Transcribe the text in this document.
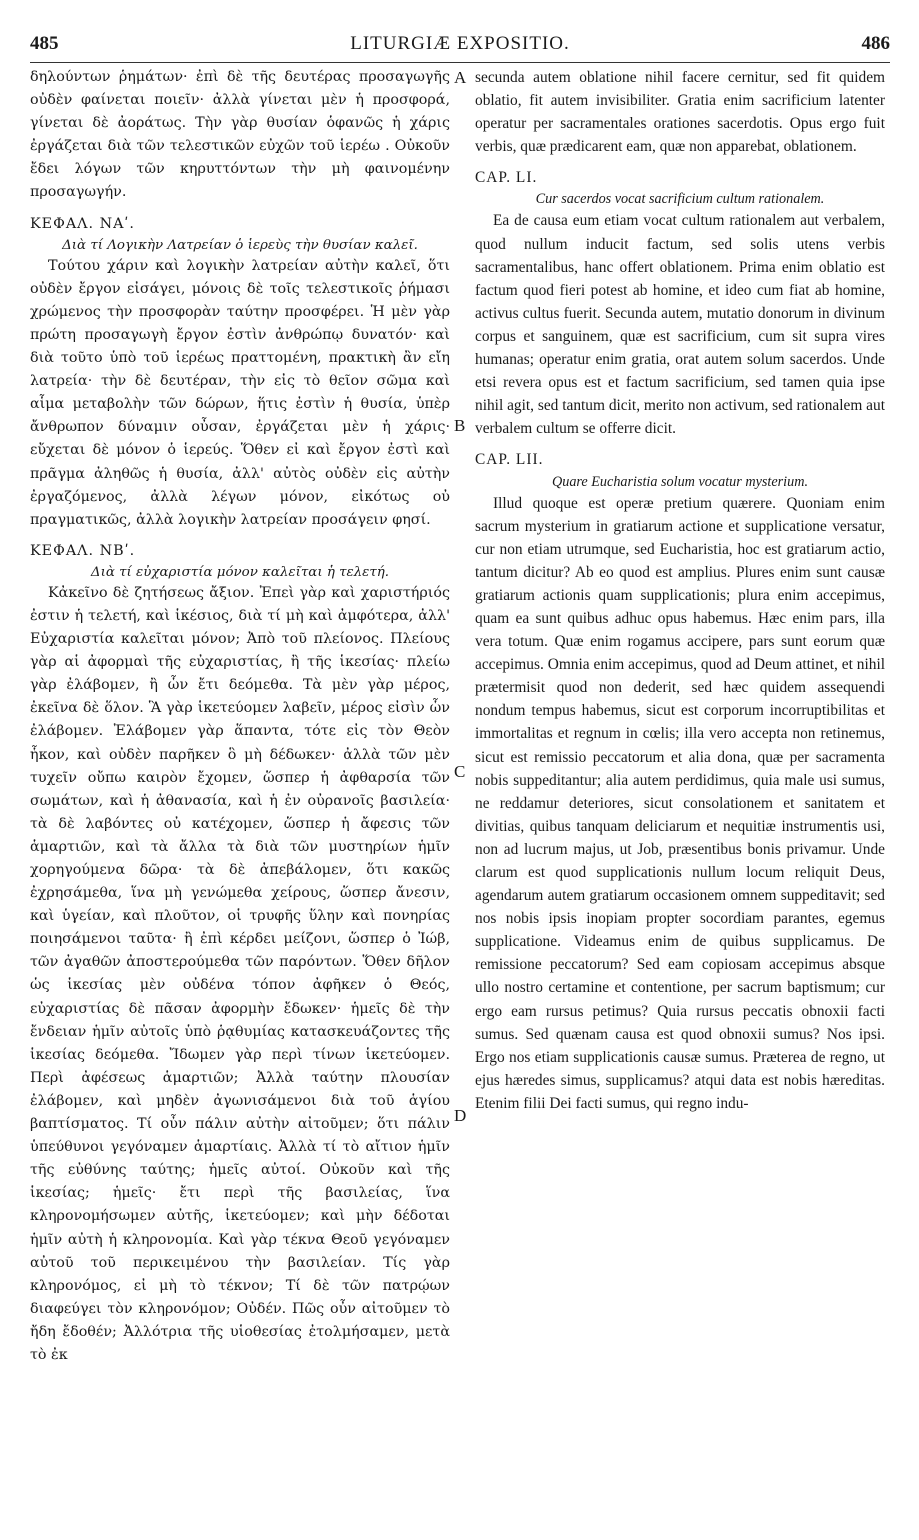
485	LITURGIÆ EXPOSITIO.	486

δηλούντων ῥημάτων· ἐπὶ δὲ τῆς δευτέρας προσαγωγῆς οὐδὲν φαίνεται ποιεῖν· ἀλλὰ γίνεται μὲν ἡ προσφορά, γίνεται δὲ ἀοράτως. Τὴν γὰρ θυσίαν ὁφανῶς ἡ χάρις ἐργάζεται διὰ τῶν τελεστικῶν εὐχῶν τοῦ ἱερέω . Οὐκοῦν ἔδει λόγων τῶν κηρυττόντων τὴν μὴ φαινομένην προσαγωγήν.

ΚΕΦΑΛ. ΝΑʹ.

Διὰ τί Λογικὴν Λατρείαν ὁ ἱερεὺς τὴν θυσίαν καλεῖ.

Τούτου χάριν καὶ λογικὴν λατρείαν αὐτὴν καλεῖ, ὅτι οὐδὲν ἔργον εἰσάγει, μόνοις δὲ τοῖς τελεστικοῖς ῥήμασι χρώμενος τὴν προσφορὰν ταύτην προσφέρει. Ἡ μὲν γὰρ πρώτη προσαγωγὴ ἔργον ἐστὶν ἀνθρώπῳ δυνατόν· καὶ διὰ τοῦτο ὑπὸ τοῦ ἱερέως πραττομένη, πρακτικὴ ἂν εἴη λατρεία· τὴν δὲ δευτέραν, τὴν εἰς τὸ θεῖον σῶμα καὶ αἷμα μεταβολὴν τῶν δώρων, ἥτις ἐστὶν ἡ θυσία, ὑπὲρ ἄνθρωπον δύναμιν οὖσαν, ἐργάζεται μὲν ἡ χάρις· εὔχεται δὲ μόνον ὁ ἱερεύς. Ὅθεν εἰ καὶ ἔργον ἐστὶ καὶ πρᾶγμα ἀληθῶς ἡ θυσία, ἀλλ' αὐτὸς οὐδὲν εἰς αὐτὴν ἐργαζόμενος, ἀλλὰ λέγων μόνον, εἰκότως οὐ πραγματικῶς, ἀλλὰ λογικὴν λατρείαν προσάγειν φησί.

ΚΕΦΑΛ. ΝΒʹ.

Διὰ τί εὐχαριστία μόνον καλεῖται ἡ τελετή.

Κἀκεῖνο δὲ ζητήσεως ἄξιον. Ἐπεὶ γὰρ καὶ χαριστήριός ἐστιν ἡ τελετή, καὶ ἱκέσιος, διὰ τί μὴ καὶ ἀμφότερα, ἀλλ' Εὐχαριστία καλεῖται μόνον; Ἀπὸ τοῦ πλείονος. Πλείους γὰρ αἱ ἀφορμαὶ τῆς εὐχαριστίας, ἢ τῆς ἱκεσίας· πλείω γὰρ ἐλάβομεν, ἢ ὧν ἔτι δεόμεθα. Τὰ μὲν γὰρ μέρος, ἐκεῖνα δὲ ὅλον. Ἃ γὰρ ἱκετεύομεν λαβεῖν, μέρος εἰσὶν ὧν ἐλάβομεν. Ἐλάβομεν γὰρ ἅπαντα, τότε εἰς τὸν Θεὸν ἧκον, καὶ οὐδὲν παρῆκεν ὃ μὴ δέδωκεν· ἀλλὰ τῶν μὲν τυχεῖν οὔπω καιρὸν ἔχομεν, ὥσπερ ἡ ἀφθαρσία τῶν σωμάτων, καὶ ἡ ἀθανασία, καὶ ἡ ἐν οὐρανοῖς βασιλεία· τὰ δὲ λαβόντες οὐ κατέχομεν, ὥσπερ ἡ ἄφεσις τῶν ἁμαρτιῶν, καὶ τὰ ἄλλα τὰ διὰ τῶν μυστηρίων ἡμῖν χορηγούμενα δῶρα· τὰ δὲ ἀπεβάλομεν, ὅτι κακῶς ἐχρησάμεθα, ἵνα μὴ γενώμεθα χείρους, ὥσπερ ἄνεσιν, καὶ ὑγείαν, καὶ πλοῦτον, οἱ τρυφῆς ὕλην καὶ πονηρίας ποιησάμενοι ταῦτα· ἢ ἐπὶ κέρδει μείζονι, ὥσπερ ὁ Ἰώβ, τῶν ἀγαθῶν ἀποστερούμεθα τῶν παρόντων. Ὅθεν δῆλον ὡς ἱκεσίας μὲν οὐδένα τόπον ἀφῆκεν ὁ Θεός, εὐχαριστίας δὲ πᾶσαν ἀφορμὴν ἔδωκεν· ἡμεῖς δὲ τὴν ἔνδειαν ἡμῖν αὐτοῖς ὑπὸ ῥᾳθυμίας κατασκευάζοντες τῆς ἱκεσίας δεόμεθα. Ἴδωμεν γὰρ περὶ τίνων ἱκετεύομεν. Περὶ ἀφέσεως ἁμαρτιῶν; Ἀλλὰ ταύτην πλουσίαν ἐλάβομεν, καὶ μηδὲν ἀγωνισάμενοι διὰ τοῦ ἁγίου βαπτίσματος. Τί οὖν πάλιν αὐτὴν αἰτοῦμεν; ὅτι πάλιν ὑπεύθυνοι γεγόναμεν ἁμαρτίαις. Ἀλλὰ τί τὸ αἴτιον ἡμῖν τῆς εὐθύνης ταύτης; ἡμεῖς αὐτοί. Οὐκοῦν καὶ τῆς ἱκεσίας; ἡμεῖς· ἔτι περὶ τῆς βασιλείας, ἵνα κληρονομήσωμεν αὐτῆς, ἱκετεύομεν; καὶ μὴν δέδοται ἡμῖν αὐτὴ ἡ κληρονομία. Καὶ γὰρ τέκνα Θεοῦ γεγόναμεν αὐτοῦ τοῦ περικειμένου τὴν βασιλείαν. Τίς γὰρ κληρονόμος, εἰ μὴ τὸ τέκνον; Τί δὲ τῶν πατρῴων διαφεύγει τὸν κληρονόμον; Οὐδέν. Πῶς οὖν αἰτοῦμεν τὸ ἤδη ἔδοθέν; Ἀλλότρια τῆς υἱοθεσίας ἐτολμήσαμεν, μετὰ τὸ ἐκ

A
B
C
D

secunda autem oblatione nihil facere cernitur, sed fit quidem oblatio, fit autem invisibiliter. Gratia enim sacrificium latenter operatur per sacramentales orationes sacerdotis. Opus ergo fuit verbis, quæ prædicarent eam, quæ non apparebat, oblationem.

CAP. LI.

Cur sacerdos vocat sacrificium cultum rationalem.

Ea de causa eum etiam vocat cultum rationalem aut verbalem, quod nullum inducit factum, sed solis utens verbis sacramentalibus, hanc offert oblationem. Prima enim oblatio est factum quod fieri potest ab homine, et ideo cum fiat ab homine, activus cultus fuerit. Secunda autem, mutatio donorum in divinum corpus et sanguinem, quæ est sacrificium, cum sit supra vires humanas; operatur enim gratia, orat autem solum sacerdos. Unde etsi revera opus est et factum sacrificium, sed tamen quia ipse nihil agit, sed tantum dicit, merito non activum, sed rationalem aut verbalem cultum se offerre dicit.

CAP. LII.

Quare Eucharistia solum vocatur mysterium.

Illud quoque est operæ pretium quærere. Quoniam enim sacrum mysterium in gratiarum actione et supplicatione versatur, cur non etiam utrumque, sed Eucharistia, hoc est gratiarum actio, tantum dicitur? Ab eo quod est amplius. Plures enim sunt causæ gratiarum actionis quam supplicationis; plura enim accepimus, quam ea sunt quibus adhuc opus habemus. Hæc enim pars, illa vera totum. Quæ enim rogamus accipere, pars sunt eorum quæ accepimus. Omnia enim accepimus, quod ad Deum attinet, et nihil prætermisit quod non dederit, sed hæc quidem assequendi nondum tempus habemus, sicut est corporum incorruptibilitas et immortalitas et regnum in cœlis; illa vero accepta non retinemus, sicut est remissio peccatorum et alia dona, quæ per sacramenta nobis suppeditantur; alia autem perdidimus, quia male usi sumus, ne reddamur deteriores, sicut consolationem et sanitatem et divitias, quibus tanquam deliciarum et nequitiæ instrumentis usi, non ad lucrum majus, ut Job, præsentibus bonis privamur. Unde clarum est quod supplicationis nullum locum reliquit Deus, agendarum autem gratiarum occasionem omnem suppeditavit; sed nos nobis ipsis inopiam propter socordiam parantes, egemus supplicatione. Videamus enim de quibus supplicamus. De remissione peccatorum? Sed eam copiosam accepimus absque ullo nostro certamine et contentione, per sacrum baptismum; cur ergo eam rursus petimus? Quia rursus peccatis obnoxii facti sumus. Sed quænam causa est quod obnoxii sumus? Nos ipsi. Ergo nos etiam supplicationis causæ sumus. Præterea de regno, ut ejus hæredes simus, supplicamus? atqui data est nobis hæreditas. Etenim filii Dei facti sumus, qui regno indu-
